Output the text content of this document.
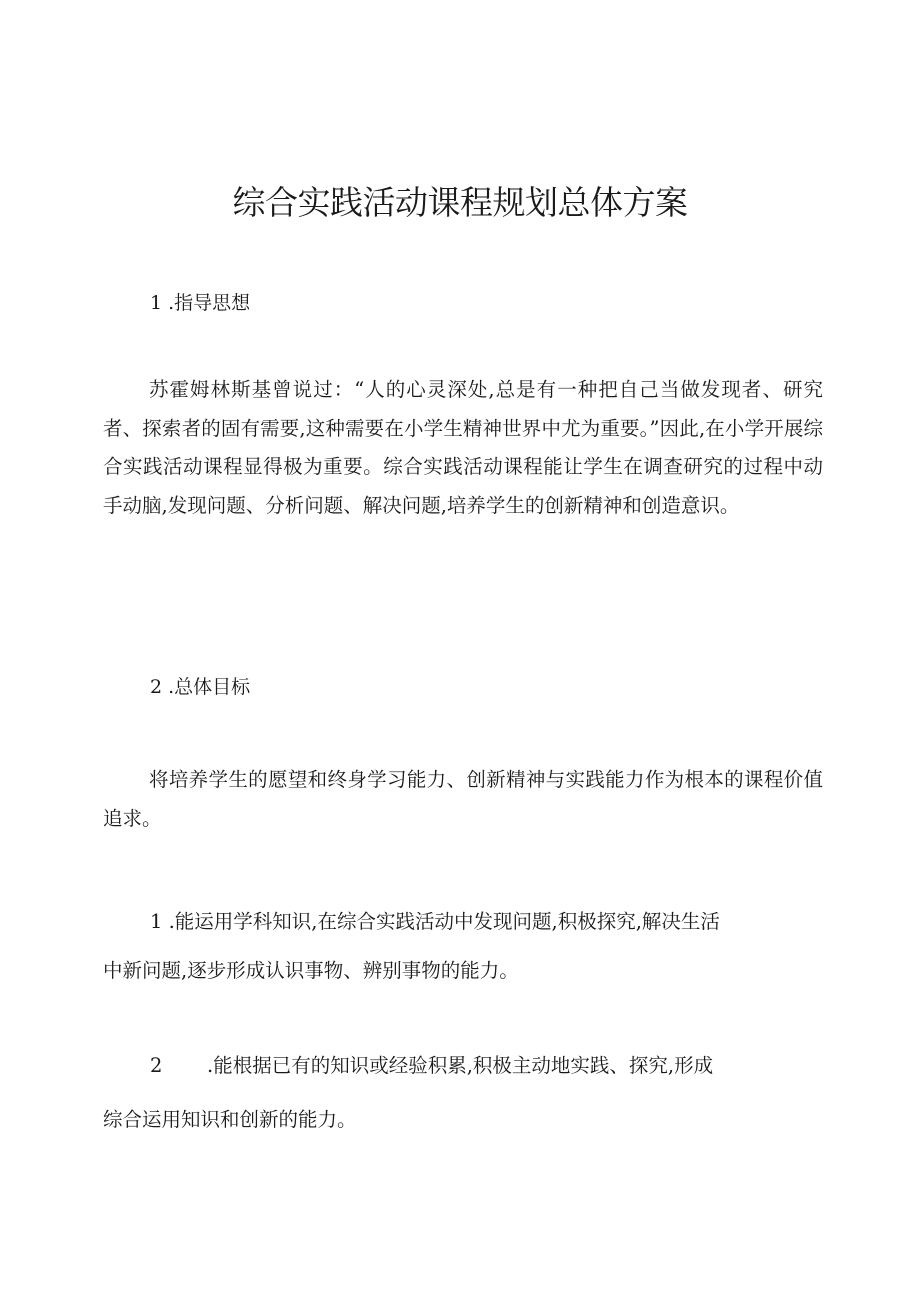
综合实践活动课程规划总体方案

1 .指导思想

苏霍姆林斯基曾说过：“人的心灵深处,总是有一种把自己当做发现者、研究者、探索者的固有需要,这种需要在小学生精神世界中尤为重要。”因此,在小学开展综合实践活动课程显得极为重要。综合实践活动课程能让学生在调查研究的过程中动手动脑,发现问题、分析问题、解决问题,培养学生的创新精神和创造意识。

2 .总体目标

将培养学生的愿望和终身学习能力、创新精神与实践能力作为根本的课程价值追求。

1 .能运用学科知识,在综合实践活动中发现问题,积极探究,解决生活

中新问题,逐步形成认识事物、辨别事物的能力。

2 .能根据已有的知识或经验积累,积极主动地实践、探究,形成

综合运用知识和创新的能力。
